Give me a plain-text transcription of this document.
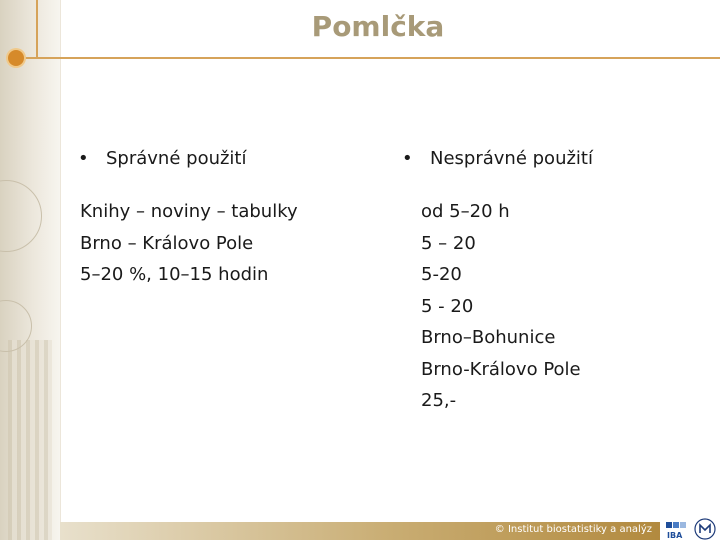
Pomlčka
• Správné použití	• Nesprávné použití
Knihy – noviny – tabulky
Brno – Královo Pole
5–20 %, 10–15 hodin
od 5–20 h
5 – 20
5-20
5 - 20
Brno–Bohunice
Brno-Královo Pole
25,-
© Institut biostatistiky a analýz
IBA
